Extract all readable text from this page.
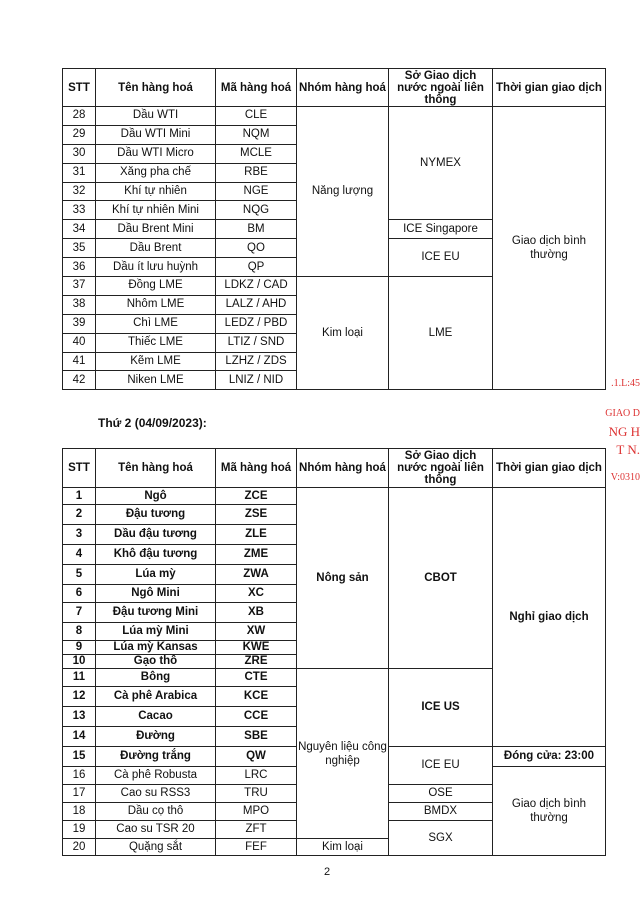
STT	Tên hàng hoá	Mã hàng hoá	Nhóm hàng hoá	Sở Giao dịch nước ngoài liên thông	Thời gian giao dịch
28	Dầu WTI	CLE	Năng lượng	NYMEX	Giao dịch bình thường
29	Dầu WTI Mini	NQM			
30	Dầu WTI Micro	MCLE			
31	Xăng pha chế	RBE			
32	Khí tự nhiên	NGE			
33	Khí tự nhiên Mini	NQG			
34	Dầu Brent Mini	BM		ICE Singapore	
35	Dầu Brent	QO		ICE EU	
36	Dầu ít lưu huỳnh	QP			
37	Đồng LME	LDKZ / CAD	Kim loại	LME	
38	Nhôm LME	LALZ / AHD			
39	Chì LME	LEDZ / PBD			
40	Thiếc LME	LTIZ / SND			
41	Kẽm LME	LZHZ / ZDS			
42	Niken LME	LNIZ / NID			
Thứ 2 (04/09/2023):
STT	Tên hàng hoá	Mã hàng hoá	Nhóm hàng hoá	Sở Giao dịch nước ngoài liên thông	Thời gian giao dịch
1	Ngô	ZCE	Nông sản	CBOT	Nghỉ giao dịch
2	Đậu tương	ZSE			
3	Dầu đậu tương	ZLE			
4	Khô đậu tương	ZME			
5	Lúa mỳ	ZWA			
6	Ngô Mini	XC			
7	Đậu tương Mini	XB			
8	Lúa mỳ Mini	XW			
9	Lúa mỳ Kansas	KWE			
10	Gạo thô	ZRE			
11	Bông	CTE	Nguyên liệu công nghiệp	ICE US	
12	Cà phê Arabica	KCE			
13	Cacao	CCE			
14	Đường	SBE			
15	Đường trắng	QW		ICE EU	Đóng cửa: 23:00
16	Cà phê Robusta	LRC			Giao dịch bình thường
17	Cao su RSS3	TRU		OSE	
18	Dầu cọ thô	MPO		BMDX	
19	Cao su TSR 20	ZFT		SGX	
20	Quặng sắt	FEF	Kim loại		
2
.1.L:45
GIAO D
NG H
T N.
V:0310
